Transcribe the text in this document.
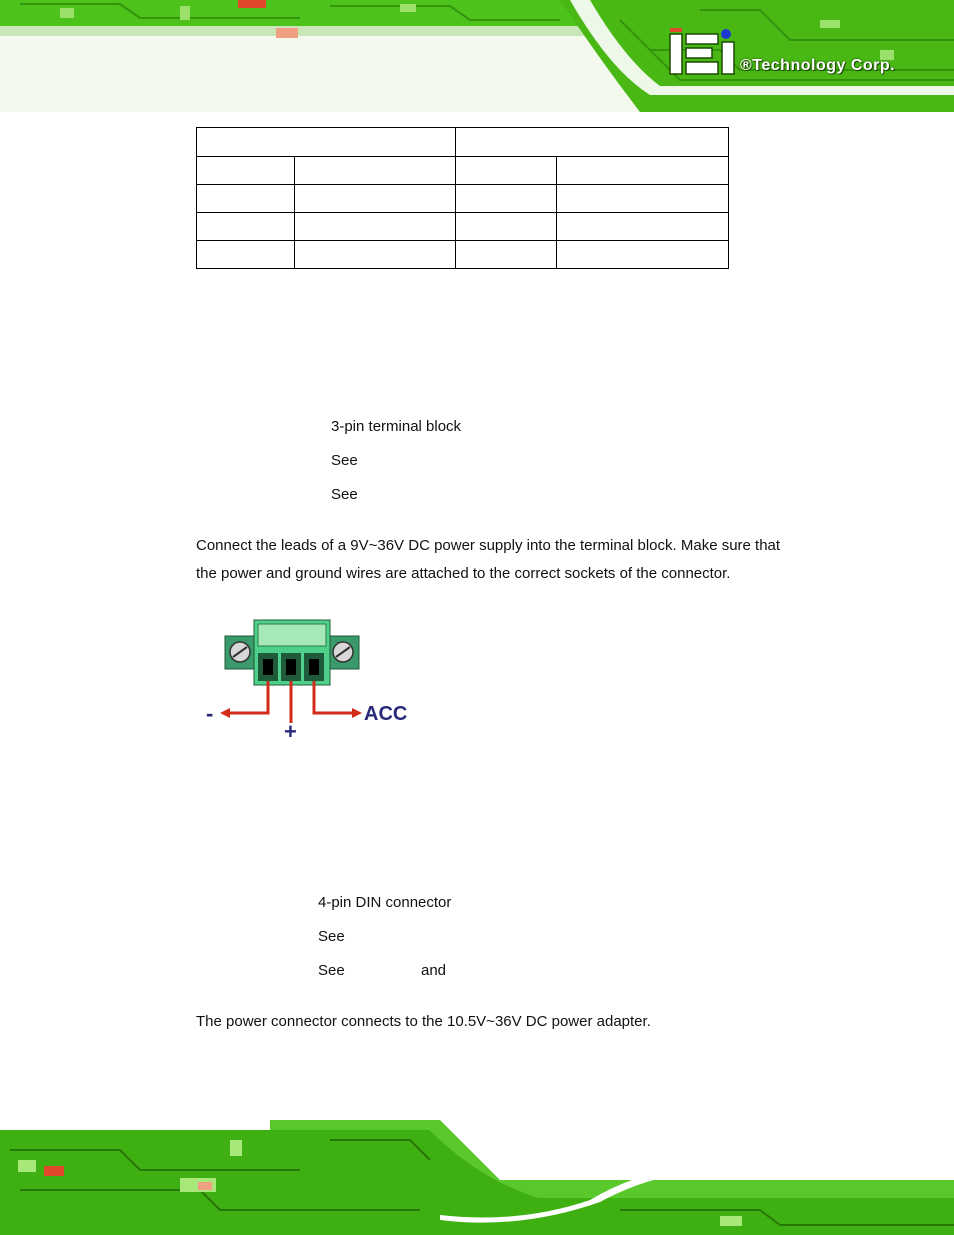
®Technology Corp.

3-pin terminal block
See
See
Connect the leads of a 9V~36V DC power supply into the terminal block. Make sure that
the power and ground wires are attached to the correct sockets of the connector.
-
+
ACC
4-pin DIN connector
See
See	and
The power connector connects to the 10.5V~36V DC power adapter.
